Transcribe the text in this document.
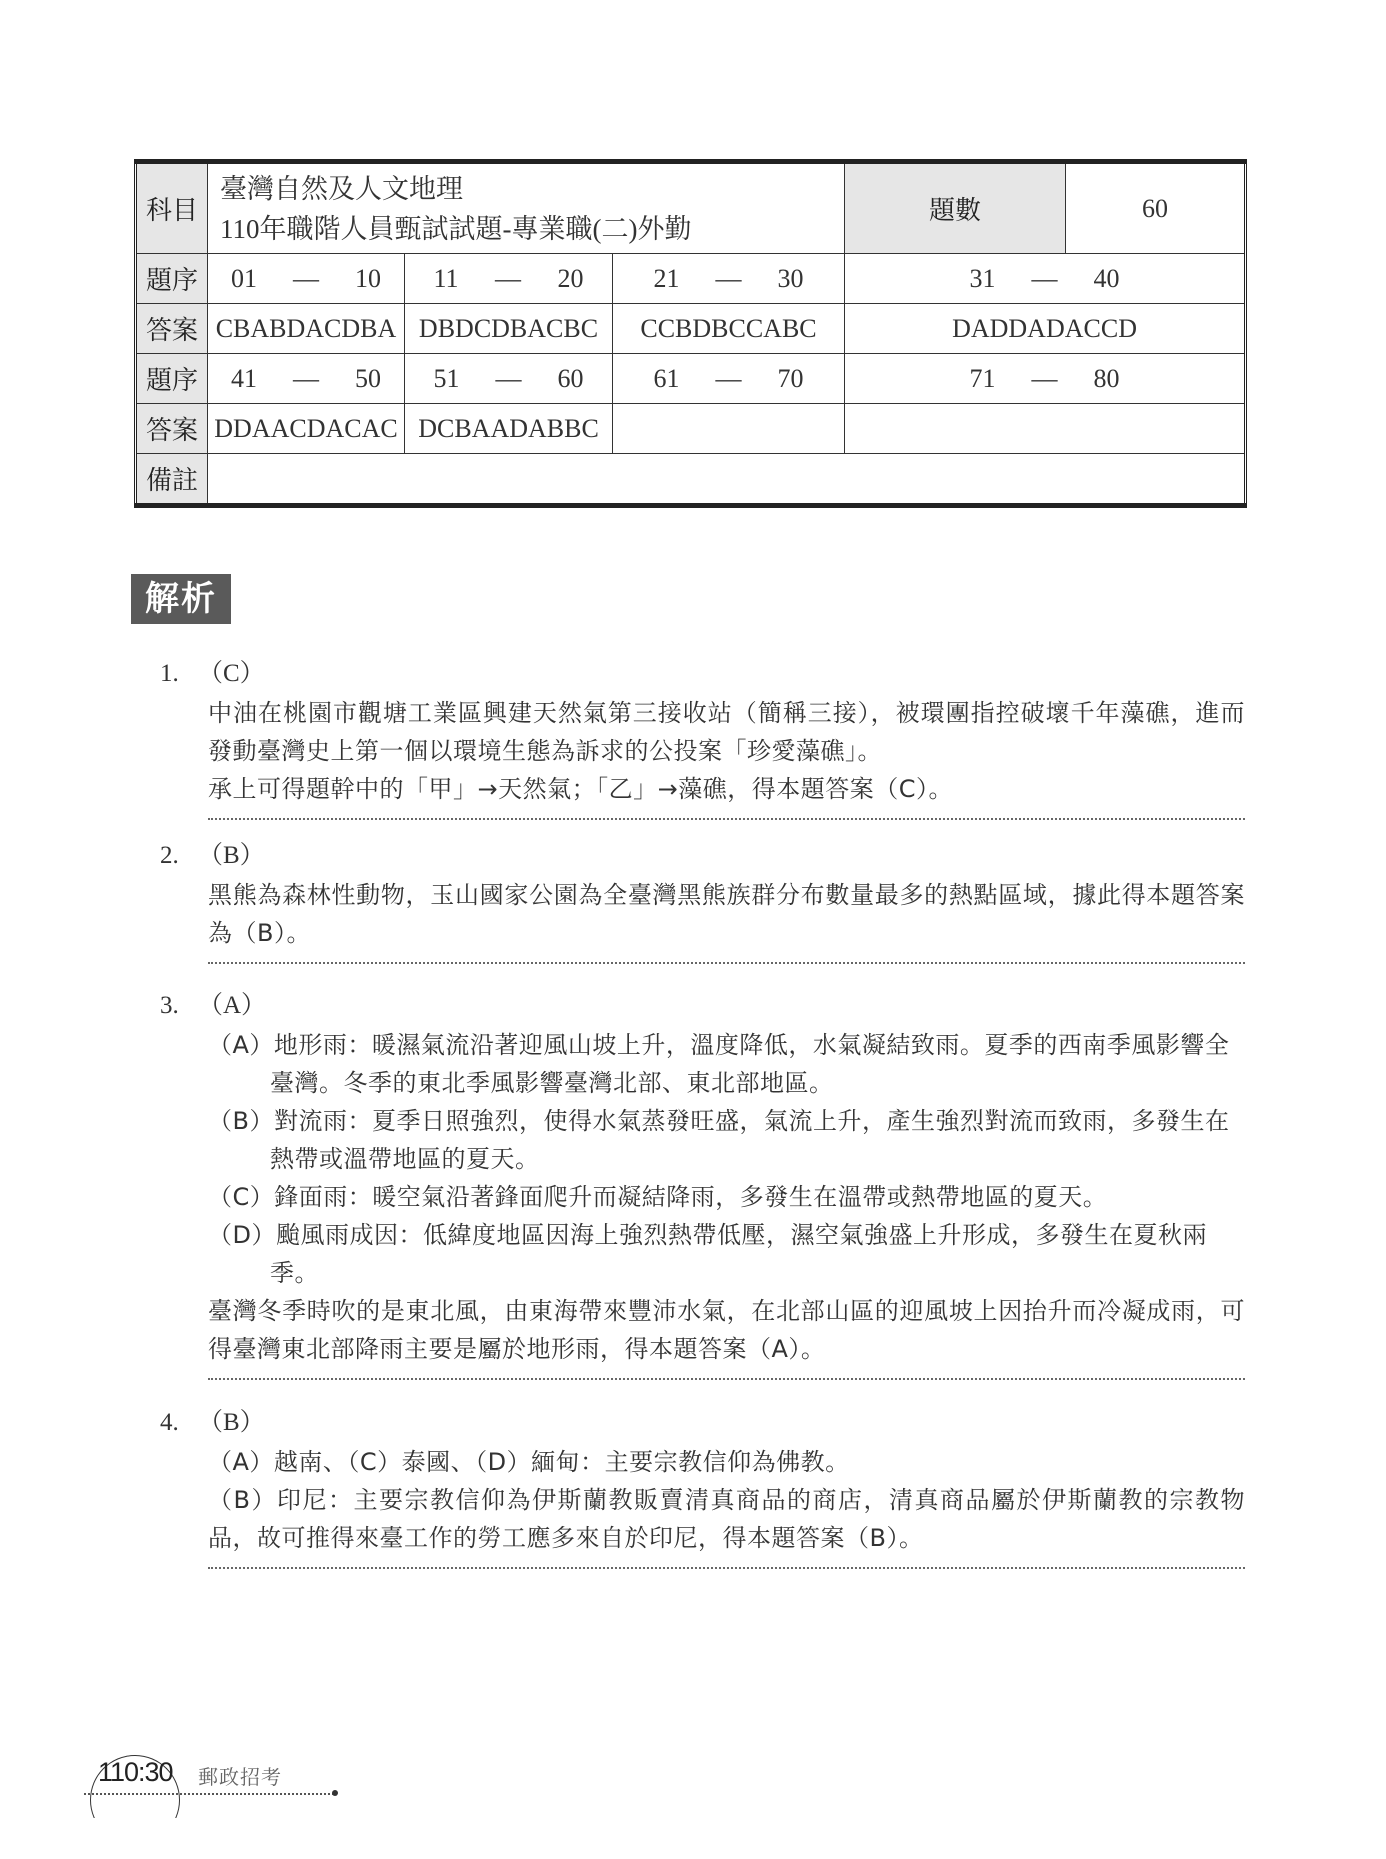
科目	臺灣自然及人文地理
110年職階人員甄試試題-專業職(二)外勤			題數	60
題序	01 — 10	11 — 20	21 — 30	31 — 40	

答案	CBABDACDBA	DBDCDBACBC	CCBDBCCABC	DADDADACCD	
題序	41 — 50	51 — 60	61 — 70	71 — 80	

答案	DDAACDACAC	DCBAADABBC			
備註					
解析
1. （C）
中油在桃園市觀塘工業區興建天然氣第三接收站（簡稱三接），被環團指控破壞千年藻礁，進而發動臺灣史上第一個以環境生態為訴求的公投案「珍愛藻礁」。
承上可得題幹中的「甲」→天然氣；「乙」→藻礁，得本題答案（C）。
2. （B）
黑熊為森林性動物，玉山國家公園為全臺灣黑熊族群分布數量最多的熱點區域，據此得本題答案為（B）。
3. （A）
（A）地形雨：暖濕氣流沿著迎風山坡上升，溫度降低，水氣凝結致雨。夏季的西南季風影響全臺灣。冬季的東北季風影響臺灣北部、東北部地區。
（B）對流雨：夏季日照強烈，使得水氣蒸發旺盛，氣流上升，產生強烈對流而致雨，多發生在熱帶或溫帶地區的夏天。
（C）鋒面雨：暖空氣沿著鋒面爬升而凝結降雨，多發生在溫帶或熱帶地區的夏天。
（D）颱風雨成因：低緯度地區因海上強烈熱帶低壓，濕空氣強盛上升形成，多發生在夏秋兩季。
臺灣冬季時吹的是東北風，由東海帶來豐沛水氣，在北部山區的迎風坡上因抬升而冷凝成雨，可得臺灣東北部降雨主要是屬於地形雨，得本題答案（A）。
4. （B）
（A）越南、（C）泰國、（D）緬甸：主要宗教信仰為佛教。
（B）印尼：主要宗教信仰為伊斯蘭教販賣清真商品的商店，清真商品屬於伊斯蘭教的宗教物品，故可推得來臺工作的勞工應多來自於印尼，得本題答案（B）。
110:30 郵政招考
